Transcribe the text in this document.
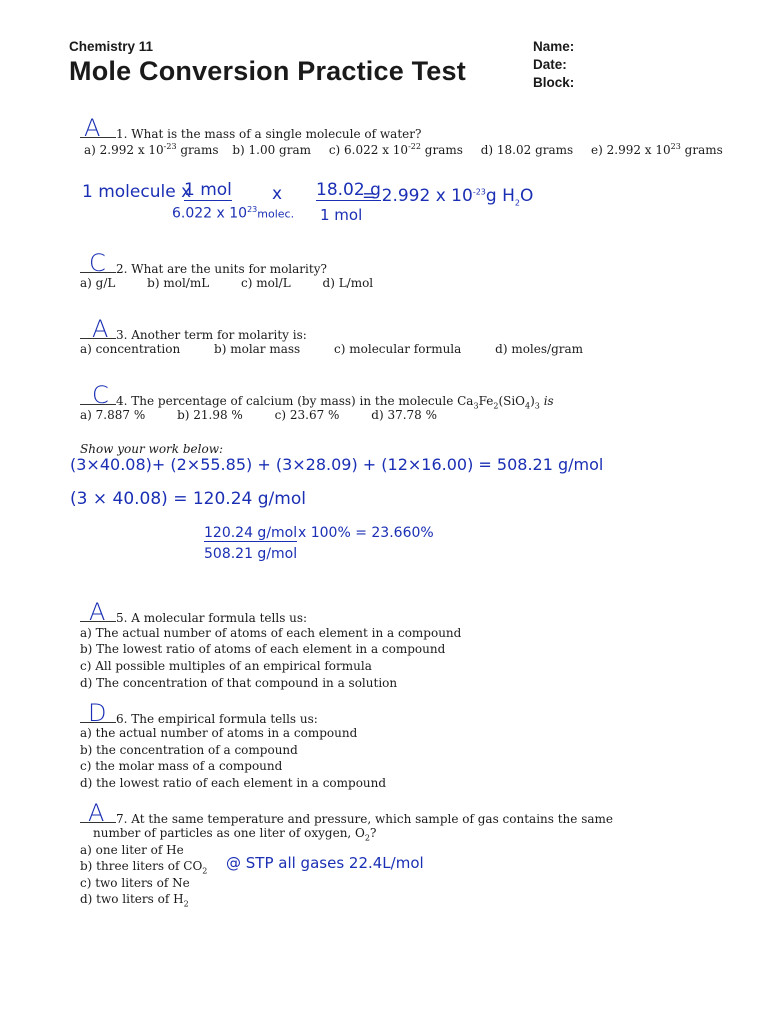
Chemistry 11
Mole Conversion Practice Test
Name:
Date:
Block:
A	1. What is the mass of a single molecule of water?
a) 2.992 x $10^{-23}$ grams b) 1.00 gram c) 6.022 x $10^{-22}$ grams d) 18.02 grams e) 2.992 x $10^{23}$ grams
1 molecule x
1 mol
6.022 x $10^{23}molec$.
x 18.02 g
1 mol
= 2.992 x $10^{-23}g$ $H_2O$
C 2. What are the units for molarity?
a) g/L	b) mol/mL	c) mol/L	d) L/mol
A 3. Another term for molarity is:
a) concentration	b) molar mass	c) molecular formula	d) moles/gram
C 4. The percentage of calcium (by mass) in the molecule $Ca_3Fe_2(SiO_4)_3$ is
a) 7.887 %	b) 21.98 %	c) 23.67 %	d) 37.78 %
Show your work below:
(3×40.08)+ (2×55.85) + (3×28.09) + (12×16.00) = 508.21 g/mol
(3 × 40.08) = 120.24 g/mol
120.24 g/mol
508.21 g/mol
x 100% = 23.660%
A 5. A molecular formula tells us:
a) The actual number of atoms of each element in a compound
b) The lowest ratio of atoms of each element in a compound
c) All possible multiples of an empirical formula
d) The concentration of that compound in a solution
D 6. The empirical formula tells us:
a) the actual number of atoms in a compound
b) the concentration of a compound
c) the molar mass of a compound
d) the lowest ratio of each element in a compound
A 7. At the same temperature and pressure, which sample of gas contains the same
number of particles as one liter of oxygen, $O_2$?
a) one liter of He
b) three liters of $CO_2$
c) two liters of Ne
d) two liters of $H_2$
@ STP all gases 22.4L/mol
